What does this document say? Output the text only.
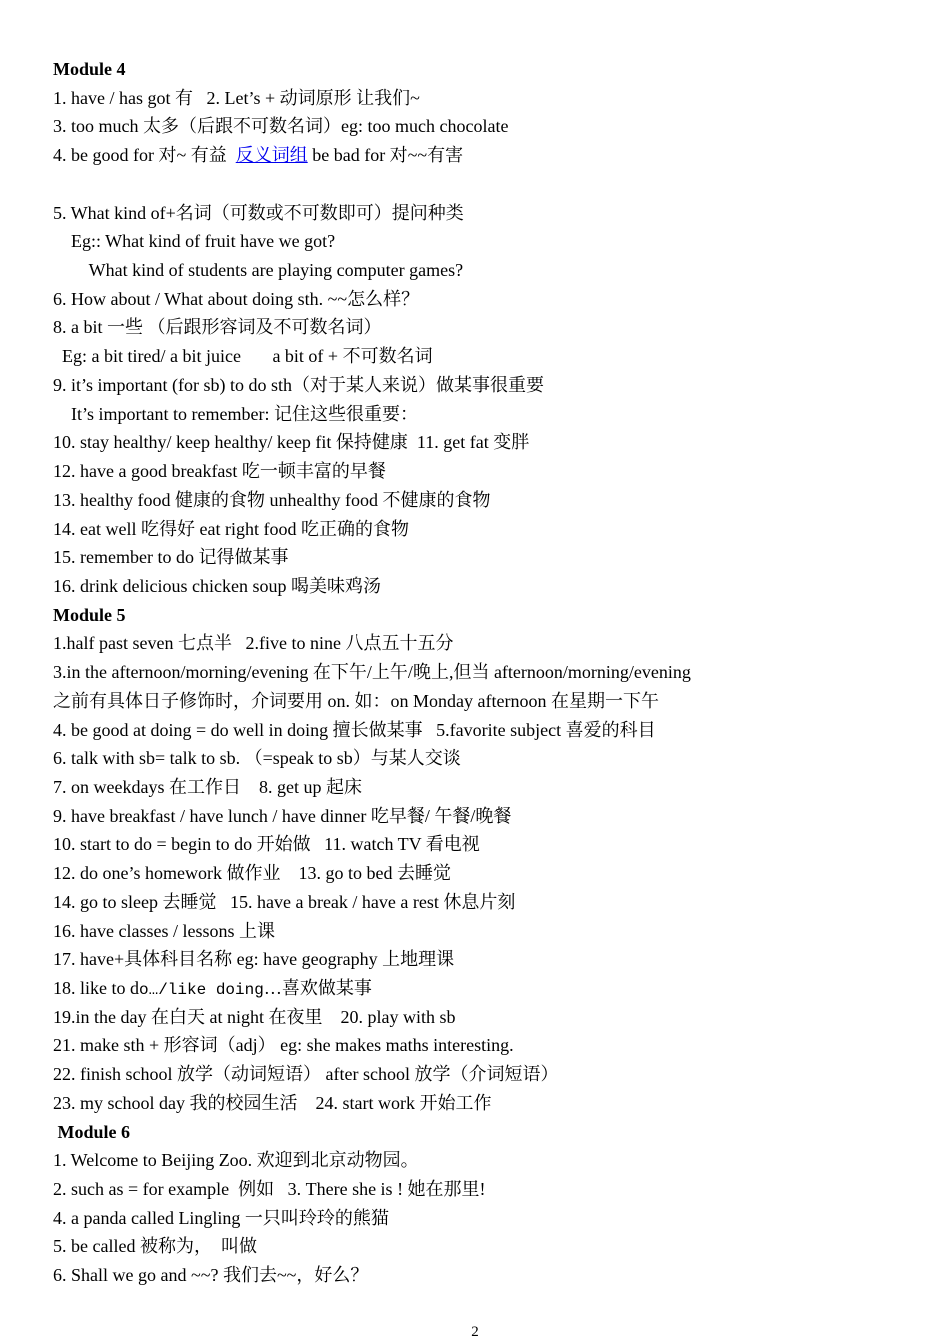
Module 4
1. have / has got 有   2. Let’s + 动词原形 让我们~
3. too much 太多（后跟不可数名词）eg: too much chocolate
4. be good for 对~ 有益  反义词组 be bad for 对~~有害
5. What kind of+名词（可数或不可数即可）提问种类
Eg:: What kind of fruit have we got?
What kind of students are playing computer games?
6. How about / What about doing sth. ~~怎么样？
8. a bit 一些 （后跟形容词及不可数名词）
Eg: a bit tired/ a bit juice       a bit of + 不可数名词
9. it’s important (for sb) to do sth（对于某人来说）做某事很重要
It’s important to remember: 记住这些很重要：
10. stay healthy/ keep healthy/ keep fit 保持健康  11. get fat 变胖
12. have a good breakfast 吃一顿丰富的早餐
13. healthy food 健康的食物 unhealthy food 不健康的食物
14. eat well 吃得好 eat right food 吃正确的食物
15. remember to do 记得做某事
16. drink delicious chicken soup 喝美味鸡汤
Module 5
1.half past seven 七点半   2.five to nine 八点五十五分
3.in the afternoon/morning/evening 在下午/上午/晚上,但当 afternoon/morning/evening
之前有具体日子修饰时，介词要用 on. 如：on Monday afternoon 在星期一下午
4. be good at doing = do well in doing 擅长做某事   5.favorite subject 喜爱的科目
6. talk with sb= talk to sb. （=speak to sb）与某人交谈
7. on weekdays 在工作日    8. get up 起床
9. have breakfast / have lunch / have dinner 吃早餐/ 午餐/晚餐
10. start to do = begin to do 开始做   11. watch TV 看电视
12. do one’s homework 做作业    13. go to bed 去睡觉
14. go to sleep 去睡觉   15. have a break / have a rest 休息片刻
16. have classes / lessons 上课
17. have+具体科目名称 eg: have geography 上地理课
18. like to do…/like doing…喜欢做某事
19.in the day 在白天 at night 在夜里    20. play with sb
21. make sth + 形容词（adj） eg: she makes maths interesting.
22. finish school 放学（动词短语） after school 放学（介词短语）
23. my school day 我的校园生活    24. start work 开始工作
Module 6
1. Welcome to Beijing Zoo. 欢迎到北京动物园。
2. such as = for example  例如   3. There she is ! 她在那里!
4. a panda called Lingling 一只叫玲玲的熊猫
5. be called 被称为，  叫做
6. Shall we go and ~~? 我们去~~，好么？
2
